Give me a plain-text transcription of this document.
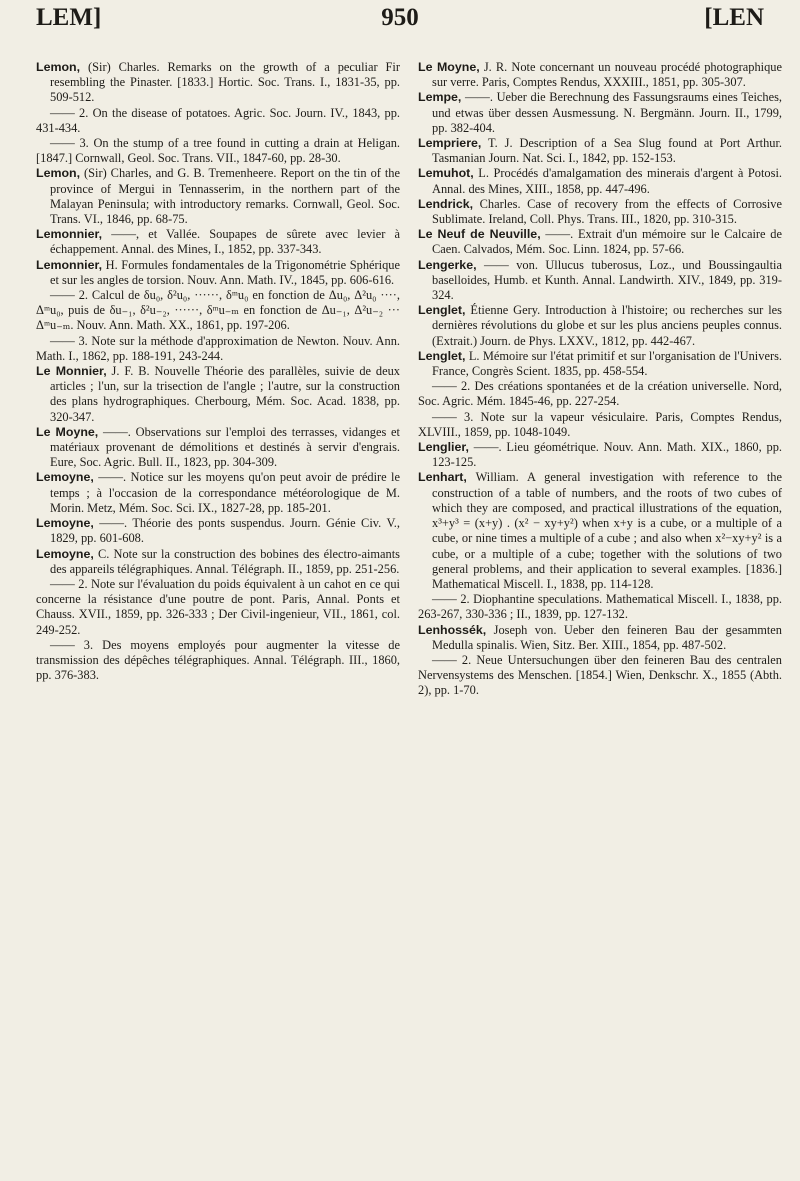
LEM]	950	[LEN

Lemon, (Sir) Charles. Remarks on the growth of a peculiar Fir resembling the Pinaster. [1833.] Hortic. Soc. Trans. I., 1831-35, pp. 509-512.

—— 2. On the disease of potatoes. Agric. Soc. Journ. IV., 1843, pp. 431-434.

—— 3. On the stump of a tree found in cutting a drain at Heligan. [1847.] Cornwall, Geol. Soc. Trans. VII., 1847-60, pp. 28-30.

Lemon, (Sir) Charles, and G. B. Tremenheere. Report on the tin of the province of Mergui in Tennasserim, in the northern part of the Malayan Peninsula; with introductory remarks. Cornwall, Geol. Soc. Trans. VI., 1846, pp. 68-75.

Lemonnier, ——, et Vallée. Soupapes de sûrete avec levier à échappement. Annal. des Mines, I., 1852, pp. 337-343.

Lemonnier, H. Formules fondamentales de la Trigonométrie Sphérique et sur les angles de torsion. Nouv. Ann. Math. IV., 1845, pp. 606-616.

—— 2. Calcul de δu₀, δ²u₀, ······, δᵐu₀ en fonction de Δu₀, Δ²u₀ ····, Δᵐu₀, puis de δu₋₁, δ²u₋₂, ······, δᵐu₋ₘ en fonction de Δu₋₁, Δ²u₋₂ ··· Δᵐu₋ₘ. Nouv. Ann. Math. XX., 1861, pp. 197-206.

—— 3. Note sur la méthode d'approximation de Newton. Nouv. Ann. Math. I., 1862, pp. 188-191, 243-244.

Le Monnier, J. F. B. Nouvelle Théorie des parallèles, suivie de deux articles ; l'un, sur la trisection de l'angle ; l'autre, sur la construction des plans hydrographiques. Cherbourg, Mém. Soc. Acad. 1838, pp. 320-347.

Le Moyne, ——. Observations sur l'emploi des terrasses, vidanges et matériaux provenant de démolitions et destinés à servir d'engrais. Eure, Soc. Agric. Bull. II., 1823, pp. 304-309.

Lemoyne, ——. Notice sur les moyens qu'on peut avoir de prédire le temps ; à l'occasion de la correspondance météorologique de M. Morin. Metz, Mém. Soc. Sci. IX., 1827-28, pp. 185-201.

Lemoyne, ——. Théorie des ponts suspendus. Journ. Génie Civ. V., 1829, pp. 601-608.

Lemoyne, C. Note sur la construction des bobines des électro-aimants des appareils télégraphiques. Annal. Télégraph. II., 1859, pp. 251-256.

—— 2. Note sur l'évaluation du poids équivalent à un cahot en ce qui concerne la résistance d'une poutre de pont. Paris, Annal. Ponts et Chauss. XVII., 1859, pp. 326-333 ; Der Civil-ingenieur, VII., 1861, col. 249-252.

—— 3. Des moyens employés pour augmenter la vitesse de transmission des dépêches télégraphiques. Annal. Télégraph. III., 1860, pp. 376-383.

Le Moyne, J. R. Note concernant un nouveau procédé photographique sur verre. Paris, Comptes Rendus, XXXIII., 1851, pp. 305-307.

Lempe, ——. Ueber die Berechnung des Fassungsraums eines Teiches, und etwas über dessen Ausmessung. N. Bergmänn. Journ. II., 1799, pp. 382-404.

Lempriere, T. J. Description of a Sea Slug found at Port Arthur. Tasmanian Journ. Nat. Sci. I., 1842, pp. 152-153.

Lemuhot, L. Procédés d'amalgamation des minerais d'argent à Potosi. Annal. des Mines, XIII., 1858, pp. 447-496.

Lendrick, Charles. Case of recovery from the effects of Corrosive Sublimate. Ireland, Coll. Phys. Trans. III., 1820, pp. 310-315.

Le Neuf de Neuville, ——. Extrait d'un mémoire sur le Calcaire de Caen. Calvados, Mém. Soc. Linn. 1824, pp. 57-66.

Lengerke, —— von. Ullucus tuberosus, Loz., und Boussingaultia baselloides, Humb. et Kunth. Annal. Landwirth. XIV., 1849, pp. 319-324.

Lenglet, Étienne Gery. Introduction à l'histoire; ou recherches sur les dernières révolutions du globe et sur les plus anciens peuples connus. (Extrait.) Journ. de Phys. LXXV., 1812, pp. 442-467.

Lenglet, L. Mémoire sur l'état primitif et sur l'organisation de l'Univers. France, Congrès Scient. 1835, pp. 458-554.

—— 2. Des créations spontanées et de la création universelle. Nord, Soc. Agric. Mém. 1845-46, pp. 227-254.

—— 3. Note sur la vapeur vésiculaire. Paris, Comptes Rendus, XLVIII., 1859, pp. 1048-1049.

Lenglier, ——. Lieu géométrique. Nouv. Ann. Math. XIX., 1860, pp. 123-125.

Lenhart, William. A general investigation with reference to the construction of a table of numbers, and the roots of two cubes of which they are composed, and practical illustrations of the equation, x³+y³ = (x+y) . (x² − xy+y²) when x+y is a cube, or a multiple of a cube, or nine times a multiple of a cube ; and also when x²−xy+y² is a cube, or a multiple of a cube; together with the solutions of two general problems, and their application to several examples. [1836.] Mathematical Miscell. I., 1838, pp. 114-128.

—— 2. Diophantine speculations. Mathematical Miscell. I., 1838, pp. 263-267, 330-336 ; II., 1839, pp. 127-132.

Lenhossék, Joseph von. Ueber den feineren Bau der gesammten Medulla spinalis. Wien, Sitz. Ber. XIII., 1854, pp. 487-502.

—— 2. Neue Untersuchungen über den feineren Bau des centralen Nervensystems des Menschen. [1854.] Wien, Denkschr. X., 1855 (Abth. 2), pp. 1-70.
